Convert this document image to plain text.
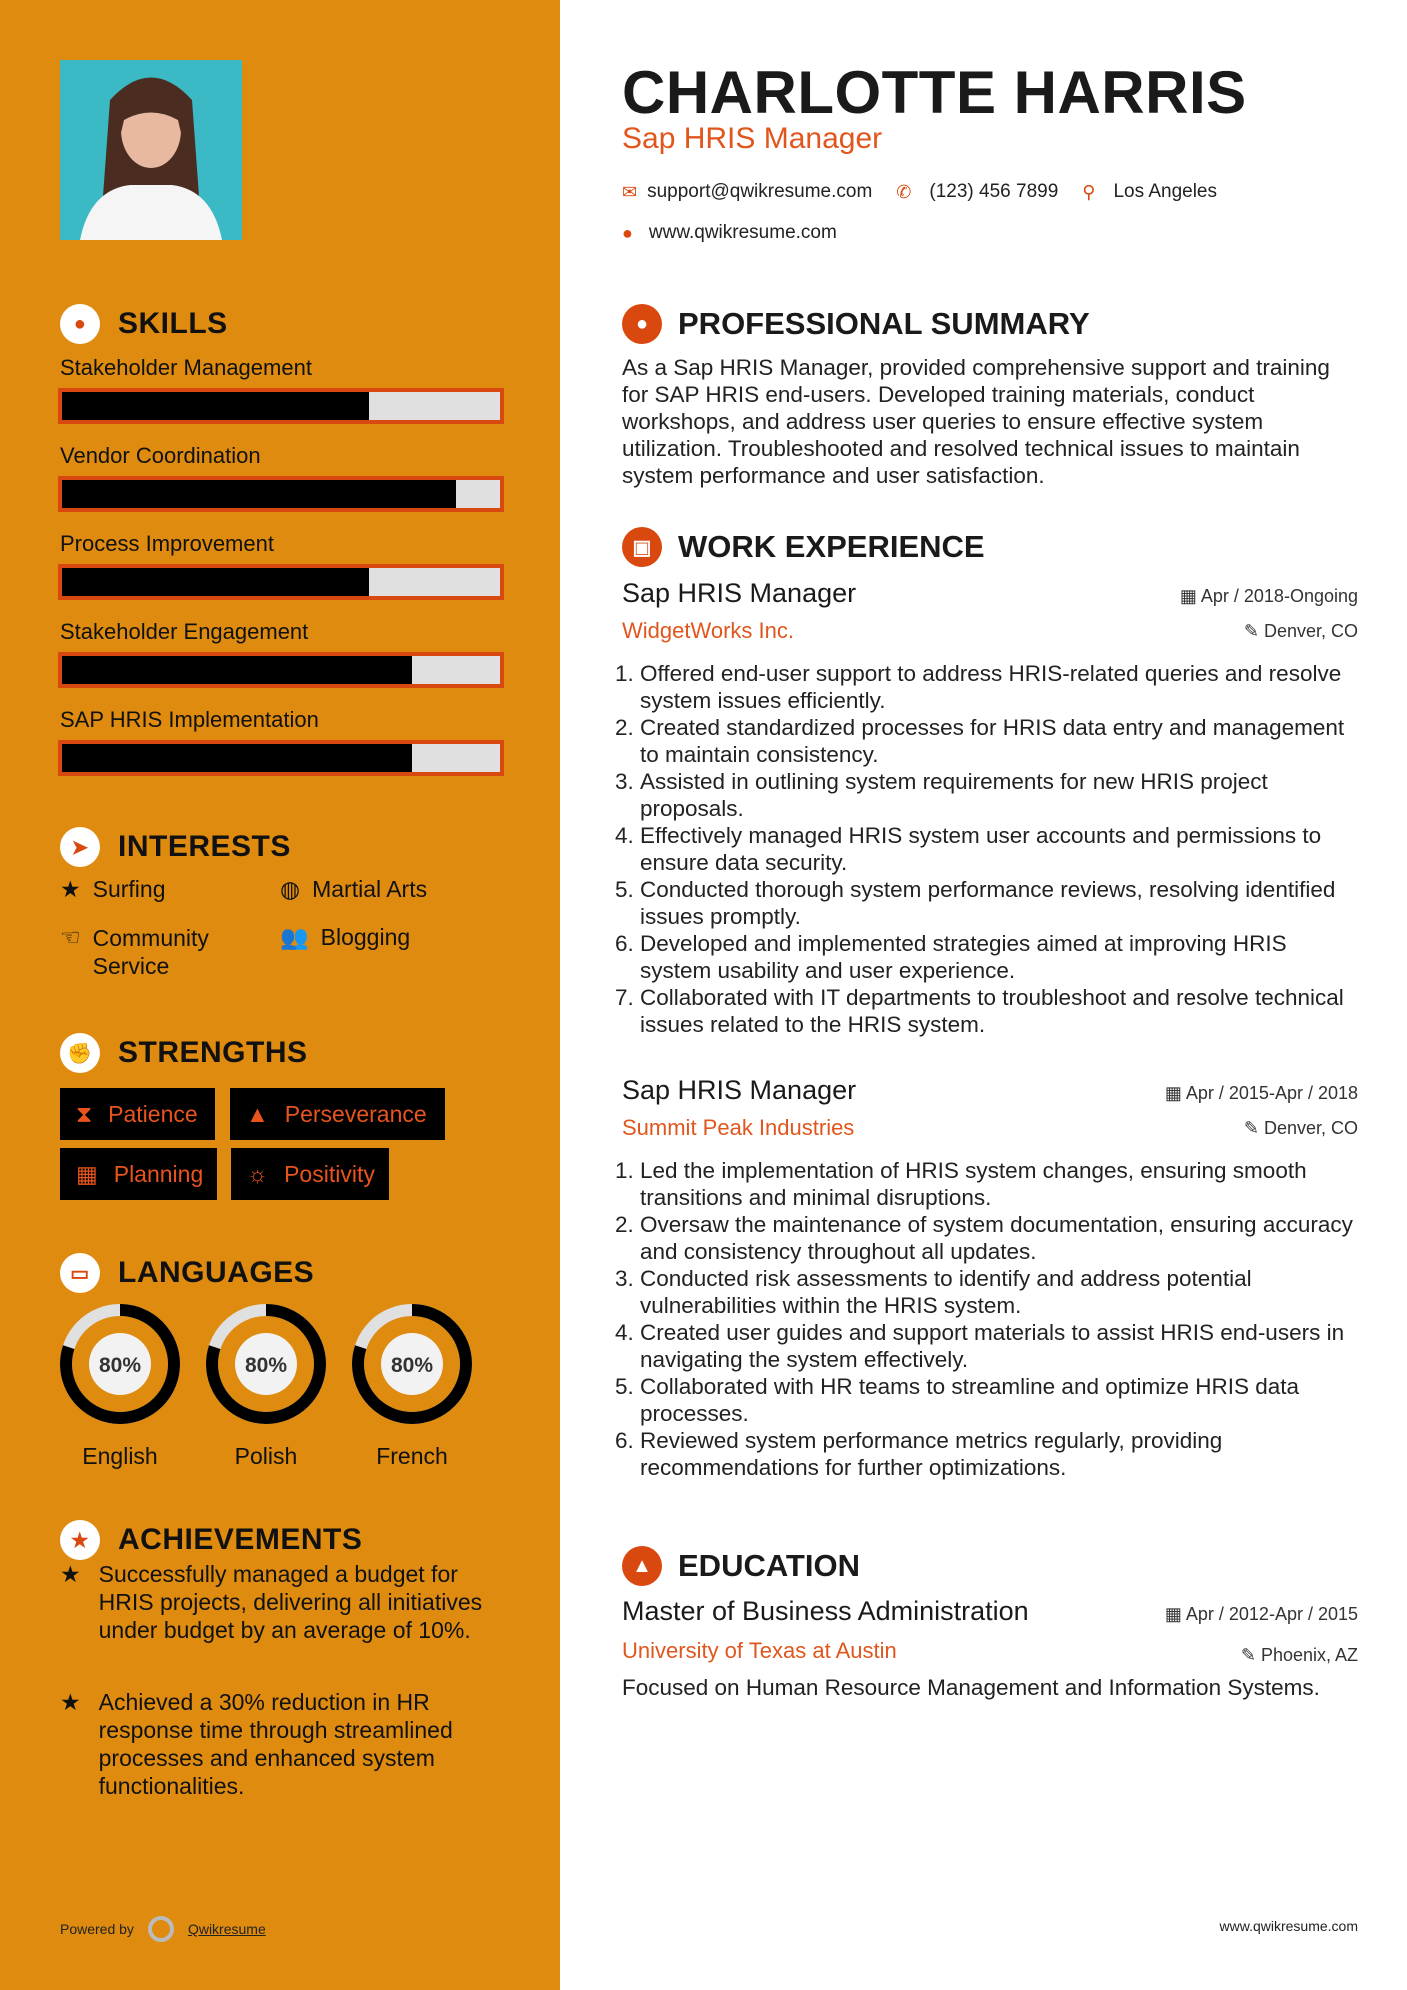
●	SKILLS
Stakeholder Management
Vendor Coordination
Process Improvement
Stakeholder Engagement
SAP HRIS Implementation
➤ INTERESTS
★ Surfing	◍ Martial Arts
☜ Community Service
👥 Blogging
✊ STRENGTHS
⧗ Patience ▲ Perseverance
▦ Planning ☼ Positivity
▭ LANGUAGES
80%
English
80%
Polish
80%
French
★ ACHIEVEMENTS
★ Successfully managed a budget for HRIS projects, delivering all initiatives under budget by an average of 10%.
★ Achieved a 30% reduction in HR response time through streamlined processes and enhanced system functionalities.
Powered by	Qwikresume	www.qwikresume.com
CHARLOTTE HARRIS
Sap HRIS Manager
✉ support@qwikresume.com ✆ (123) 456 7899 ⚲ Los Angeles
● www.qwikresume.com
● PROFESSIONAL SUMMARY
As a Sap HRIS Manager, provided comprehensive support and training for SAP HRIS end-users. Developed training materials, conduct workshops, and address user queries to ensure effective system utilization. Troubleshooted and resolved technical issues to maintain system performance and user satisfaction.
▣ WORK EXPERIENCE
Sap HRIS Manager	▦ Apr / 2018-Ongoing
WidgetWorks Inc.	✎ Denver, CO
1. Offered end-user support to address HRIS-related queries and resolve system issues efficiently.
2. Created standardized processes for HRIS data entry and management to maintain consistency.
3. Assisted in outlining system requirements for new HRIS project proposals.
4. Effectively managed HRIS system user accounts and permissions to ensure data security.
5. Conducted thorough system performance reviews, resolving identified issues promptly.
6. Developed and implemented strategies aimed at improving HRIS system usability and user experience.
7. Collaborated with IT departments to troubleshoot and resolve technical issues related to the HRIS system.
Sap HRIS Manager	▦ Apr / 2015-Apr / 2018
Summit Peak Industries	✎ Denver, CO
1. Led the implementation of HRIS system changes, ensuring smooth transitions and minimal disruptions.
2. Oversaw the maintenance of system documentation, ensuring accuracy and consistency throughout all updates.
3. Conducted risk assessments to identify and address potential vulnerabilities within the HRIS system.
4. Created user guides and support materials to assist HRIS end-users in navigating the system effectively.
5. Collaborated with HR teams to streamline and optimize HRIS data processes.
6. Reviewed system performance metrics regularly, providing recommendations for further optimizations.
▲ EDUCATION
Master of Business Administration	▦ Apr / 2012-Apr / 2015
University of Texas at Austin	✎ Phoenix, AZ
Focused on Human Resource Management and Information Systems.
